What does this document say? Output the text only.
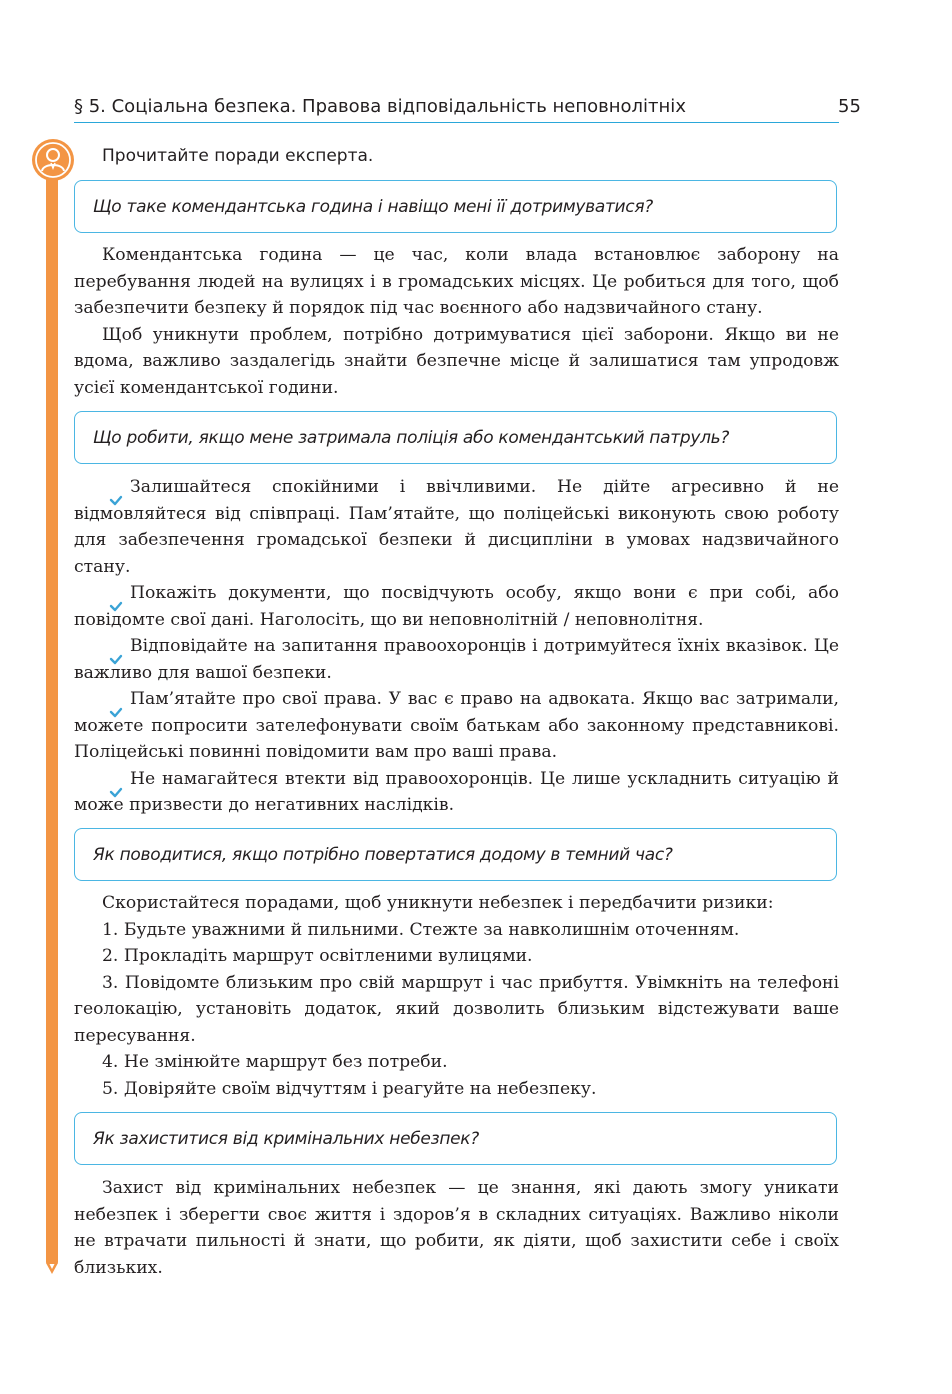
§ 5. Соціальна безпека. Правова відповідальність неповнолітніх	55
Прочитайте поради експерта.
Що таке комендантська година і навіщо мені її дотримуватися?

Комендантська година — це час, коли влада встановлює заборону на перебування людей на вулицях і в громадських місцях. Це робиться для того, щоб забезпечити безпеку й порядок під час воєнного або надзвичайного стану.

Щоб уникнути проблем, потрібно дотримуватися цієї заборони. Якщо ви не вдома, важливо заздалегідь знайти безпечне місце й залишатися там упродовж усієї комендантської години.

Що робити, якщо мене затримала поліція або комендантський патруль?

Залишайтеся спокійними і ввічливими. Не дійте агресивно й не відмовляйтеся від співпраці. Пам’ятайте, що поліцейські виконують свою роботу для забезпечення громадської безпеки й дисципліни в умовах надзвичайного стану.

Покажіть документи, що посвідчують особу, якщо вони є при собі, або повідомте свої дані. Наголосіть, що ви неповнолітній / неповнолітня.

Відповідайте на запитання правоохоронців і дотримуйтеся їхніх вказівок. Це важливо для вашої безпеки.

Пам’ятайте про свої права. У вас є право на адвоката. Якщо вас затримали, можете попросити зателефонувати своїм батькам або законному представникові. Поліцейські повинні повідомити вам про ваші права.

Не намагайтеся втекти від правоохоронців. Це лише ускладнить ситуацію й може призвести до негативних наслідків.

Як поводитися, якщо потрібно повертатися додому в темний час?

Скористайтеся порадами, щоб уникнути небезпек і передбачити ризики:

1. Будьте уважними й пильними. Стежте за навколишнім оточенням.

2. Прокладіть маршрут освітленими вулицями.

3. Повідомте близьким про свій маршрут і час прибуття. Увімкніть на телефоні геолокацію, установіть додаток, який дозволить близьким відстежувати ваше пересування.

4. Не змінюйте маршрут без потреби.

5. Довіряйте своїм відчуттям і реагуйте на небезпеку.

Як захиститися від кримінальних небезпек?

Захист від кримінальних небезпек — це знання, які дають змогу уникати небезпек і зберегти своє життя і здоров’я в складних ситуаціях. Важливо ніколи не втрачати пильності й знати, що робити, як діяти, щоб захистити себе і своїх близьких.
